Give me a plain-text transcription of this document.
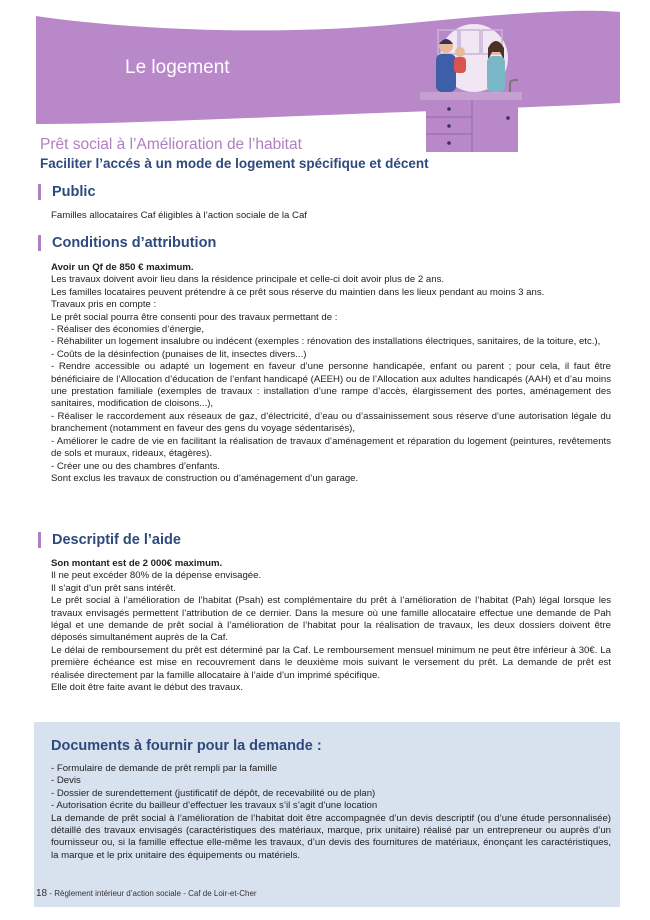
Le logement
Prêt social à l’Amélioration de l’habitat
Faciliter l’accés à un mode de logement spécifique et décent
Public

Familles allocataires Caf éligibles à l’action sociale de la Caf

Conditions d’attribution

Avoir un Qf de 850 € maximum.

Les travaux doivent avoir lieu dans la résidence principale et celle-ci doit avoir plus de 2 ans.

Les familles locataires peuvent prétendre à ce prêt sous réserve du maintien dans les lieux pendant au moins 3 ans.

Travaux pris en compte :

Le prêt social pourra être consenti pour des travaux permettant de :

- Réaliser des économies d’énergie,

- Réhabiliter un logement insalubre ou indécent (exemples : rénovation des installations électriques, sanitaires, de la toiture, etc.),

- Coûts de la désinfection (punaises de lit, insectes divers...)

- Rendre accessible ou adapté un logement en faveur d’une personne handicapée, enfant ou parent ; pour cela, il faut être bénéficiaire de l’Allocation d’éducation de l’enfant handicapé (AEEH) ou de l’Allocation aux adultes handicapés (AAH) et d’au moins une prestation familiale (exemples de travaux : installation d’une rampe d’accès, élargissement des portes, aménagement des sanitaires, modification de cloisons...),

- Réaliser le raccordement aux réseaux de gaz, d’électricité, d’eau ou d’assainissement sous réserve d’une autorisation légale du branchement (notamment en faveur des gens du voyage sédentarisés),

- Améliorer le cadre de vie en facilitant la réalisation de travaux d’aménagement et réparation du logement (peintures, revêtements de sols et muraux, rideaux, étagères).

- Créer une ou des chambres d’enfants.

Sont exclus les travaux de construction ou d’aménagement d’un garage.

Descriptif de l’aide

Son montant est de 2 000€ maximum.

Il ne peut excéder 80% de la dépense envisagée.

Il s’agit d’un prêt sans intérêt.

Le prêt social à l’amélioration de l’habitat (Psah) est complémentaire du prêt à l’amélioration de l’habitat (Pah) légal lorsque les travaux envisagés permettent l’attribution de ce dernier. Dans la mesure où une famille allocataire effectue une demande de Pah légal et une demande de prêt social à l’amélioration de l’habitat pour la réalisation de travaux, les deux dossiers doivent être déposés simultanément auprès de la Caf.

Le délai de remboursement du prêt est déterminé par la Caf. Le remboursement mensuel minimum ne peut être inférieur à 30€. La première échéance est mise en recouvrement dans le deuxième mois suivant le versement du prêt. La demande de prêt est réalisée directement par la famille allocataire à l’aide d’un imprimé spécifique.

Elle doit être faite avant le début des travaux.

Documents à fournir pour la demande :

- Formulaire de demande de prêt rempli par la famille

- Devis

- Dossier de surendettement (justificatif de dépôt, de recevabilité ou de plan)

- Autorisation écrite du bailleur d’effectuer les travaux s’il s’agit d’une location

La demande de prêt social à l’amélioration de l’habitat doit être accompagnée d’un devis descriptif (ou d’une étude personnalisée) détaillé des travaux envisagés (caractéristiques des matériaux, marque, prix unitaire) réalisé par un entrepreneur ou auprès d’un fournisseur ou, si la famille effectue elle-même les travaux, d’un devis des fournitures de matériaux, énonçant les caractéristiques, la marque et le prix unitaire des équipements ou matériels.

18 - Règlement intérieur d’action sociale - Caf de Loir-et-Cher
